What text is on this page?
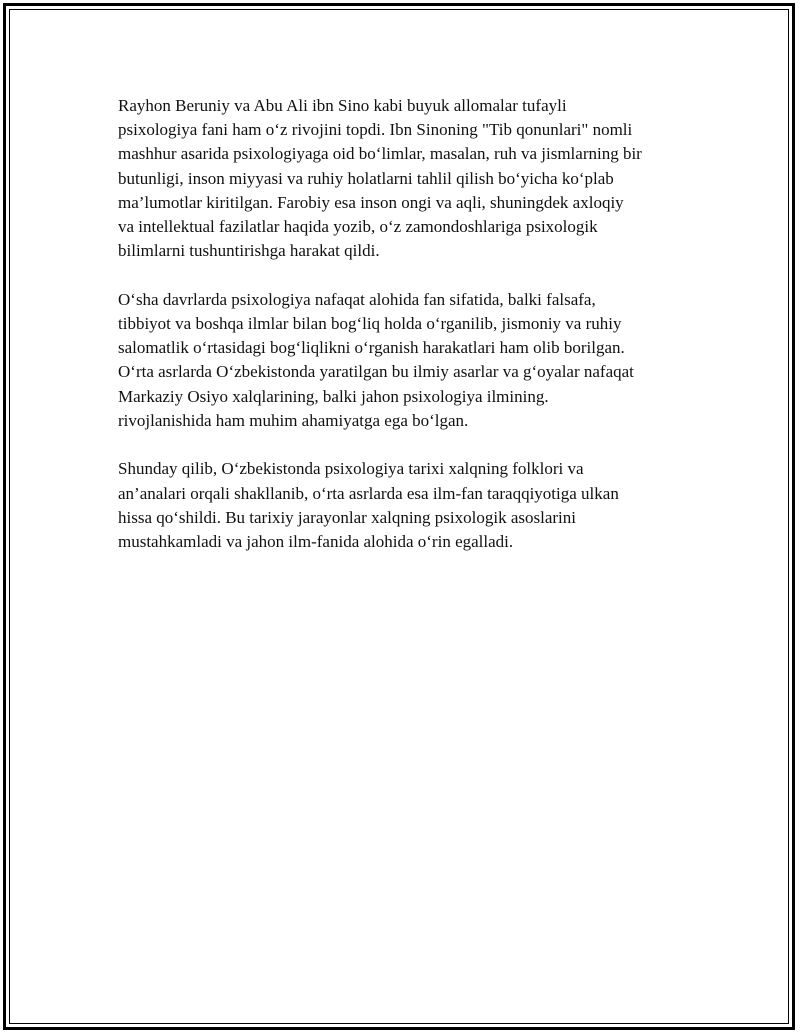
Rayhon Beruniy va Abu Ali ibn Sino kabi buyuk allomalar tufayli
psixologiya fani ham oʻz rivojini topdi. Ibn Sinoning "Tib qonunlari" nomli
mashhur asarida psixologiyaga oid boʻlimlar, masalan, ruh va jismlarning bir
butunligi, inson miyyasi va ruhiy holatlarni tahlil qilish boʻyicha koʻplab
ma’lumotlar kiritilgan. Farobiy esa inson ongi va aqli, shuningdek axloqiy
va intellektual fazilatlar haqida yozib, oʻz zamondoshlariga psixologik
bilimlarni tushuntirishga harakat qildi.

Oʻsha davrlarda psixologiya nafaqat alohida fan sifatida, balki falsafa,
tibbiyot va boshqa ilmlar bilan bogʻliq holda oʻrganilib, jismoniy va ruhiy
salomatlik oʻrtasidagi bogʻliqlikni oʻrganish harakatlari ham olib borilgan.
Oʻrta asrlarda Oʻzbekistonda yaratilgan bu ilmiy asarlar va gʻoyalar nafaqat
Markaziy Osiyo xalqlarining, balki jahon psixologiya ilmining.
rivojlanishida ham muhim ahamiyatga ega boʻlgan.

Shunday qilib, Oʻzbekistonda psixologiya tarixi xalqning folklori va
an’analari orqali shakllanib, oʻrta asrlarda esa ilm-fan taraqqiyotiga ulkan
hissa qoʻshildi. Bu tarixiy jarayonlar xalqning psixologik asoslarini
mustahkamladi va jahon ilm-fanida alohida oʻrin egalladi.
